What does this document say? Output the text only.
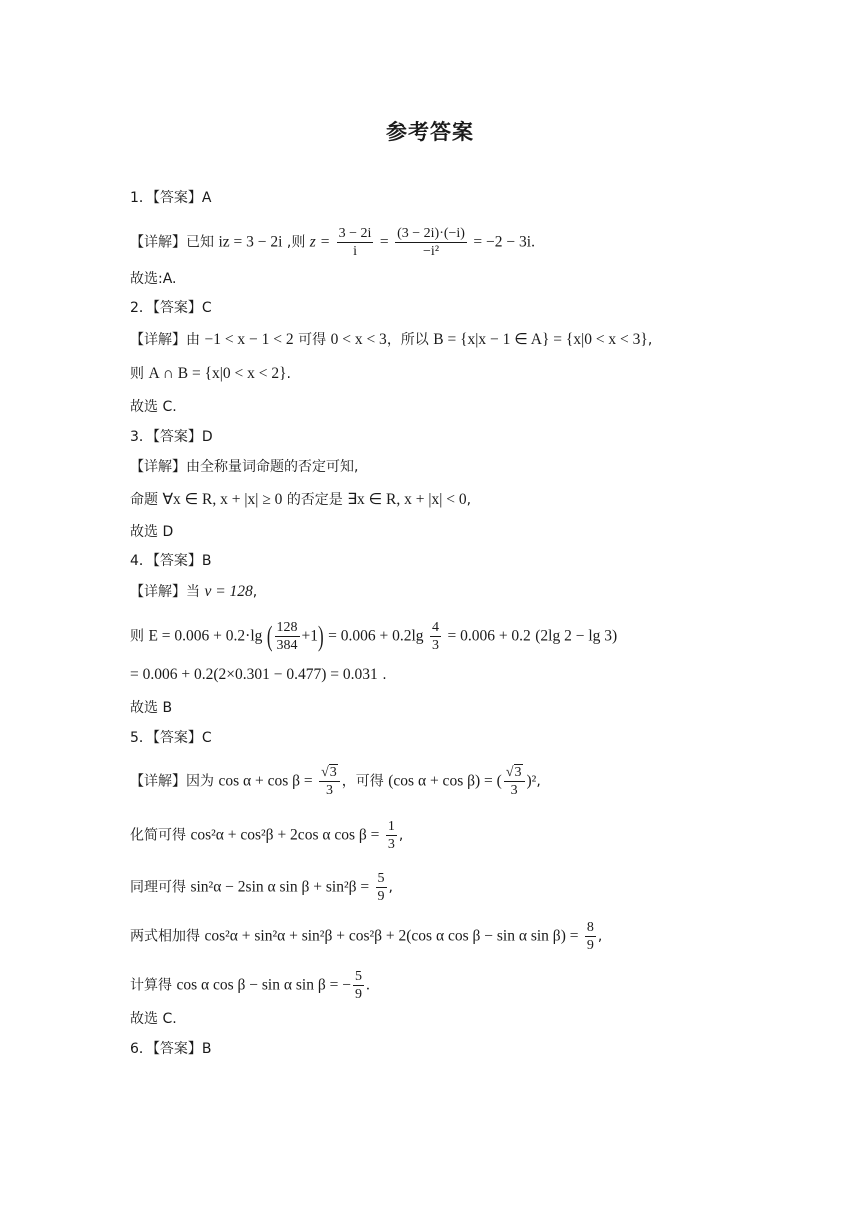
参考答案
1．【答案】A
【详解】已知 iz = 3 − 2i ,则 $z = \frac{3 - 2i}{i} = \frac{(3 - 2i)\cdot(-i)}{\text{−i²}} = -2 - 3i$.
故选:A.
2．【答案】C
【详解】由 −1 < x − 1 < 2 可得 0 < x < 3，所以 B = {x|x − 1 ∈ A} = {x|0 < x < 3},
则 A ∩ B = {x|0 < x < 2}.
故选 C.
3．【答案】D
【详解】由全称量词命题的否定可知,
命题 ∀x ∈ R, x + |x| ≥ 0 的否定是 ∃x ∈ R, x + |x| < 0,
故选 D
4．【答案】B
【详解】当 v = 128,
则 E = 0.006 + 0.2·lg ( $\frac{128}{384} +1) = 0.006 + 0.2\lg \frac{4}{3} = 0.006 + 0.2$ (2lg 2 − lg 3)
= 0.006 + 0.2(2×0.301 − 0.477) = 0.031 .
故选 B
5．【答案】C
【详解】因为 $\cos \alpha + \cos \beta = \frac{√3}{3}$ ，可得 (cos α + cos β) = ( $\frac{√3}{3} )^2$,
化简可得 cos²α + cos²β + 2cos α $\cos \beta = \frac{1}{3}$ ,
同理可得 sin²α − 2sin α $\sin \beta + \sin^2\beta = \frac{5}{9}$ ,
两式相加得 cos²α + sin²α + sin²β + cos²β + 2(cos α cos β − sin α $\sin \beta) = \frac{8}{9}$ ,
计算得 cos α cos β − sin α sin β = − $\frac{5}{9}$ .
故选 C.
6．【答案】B
